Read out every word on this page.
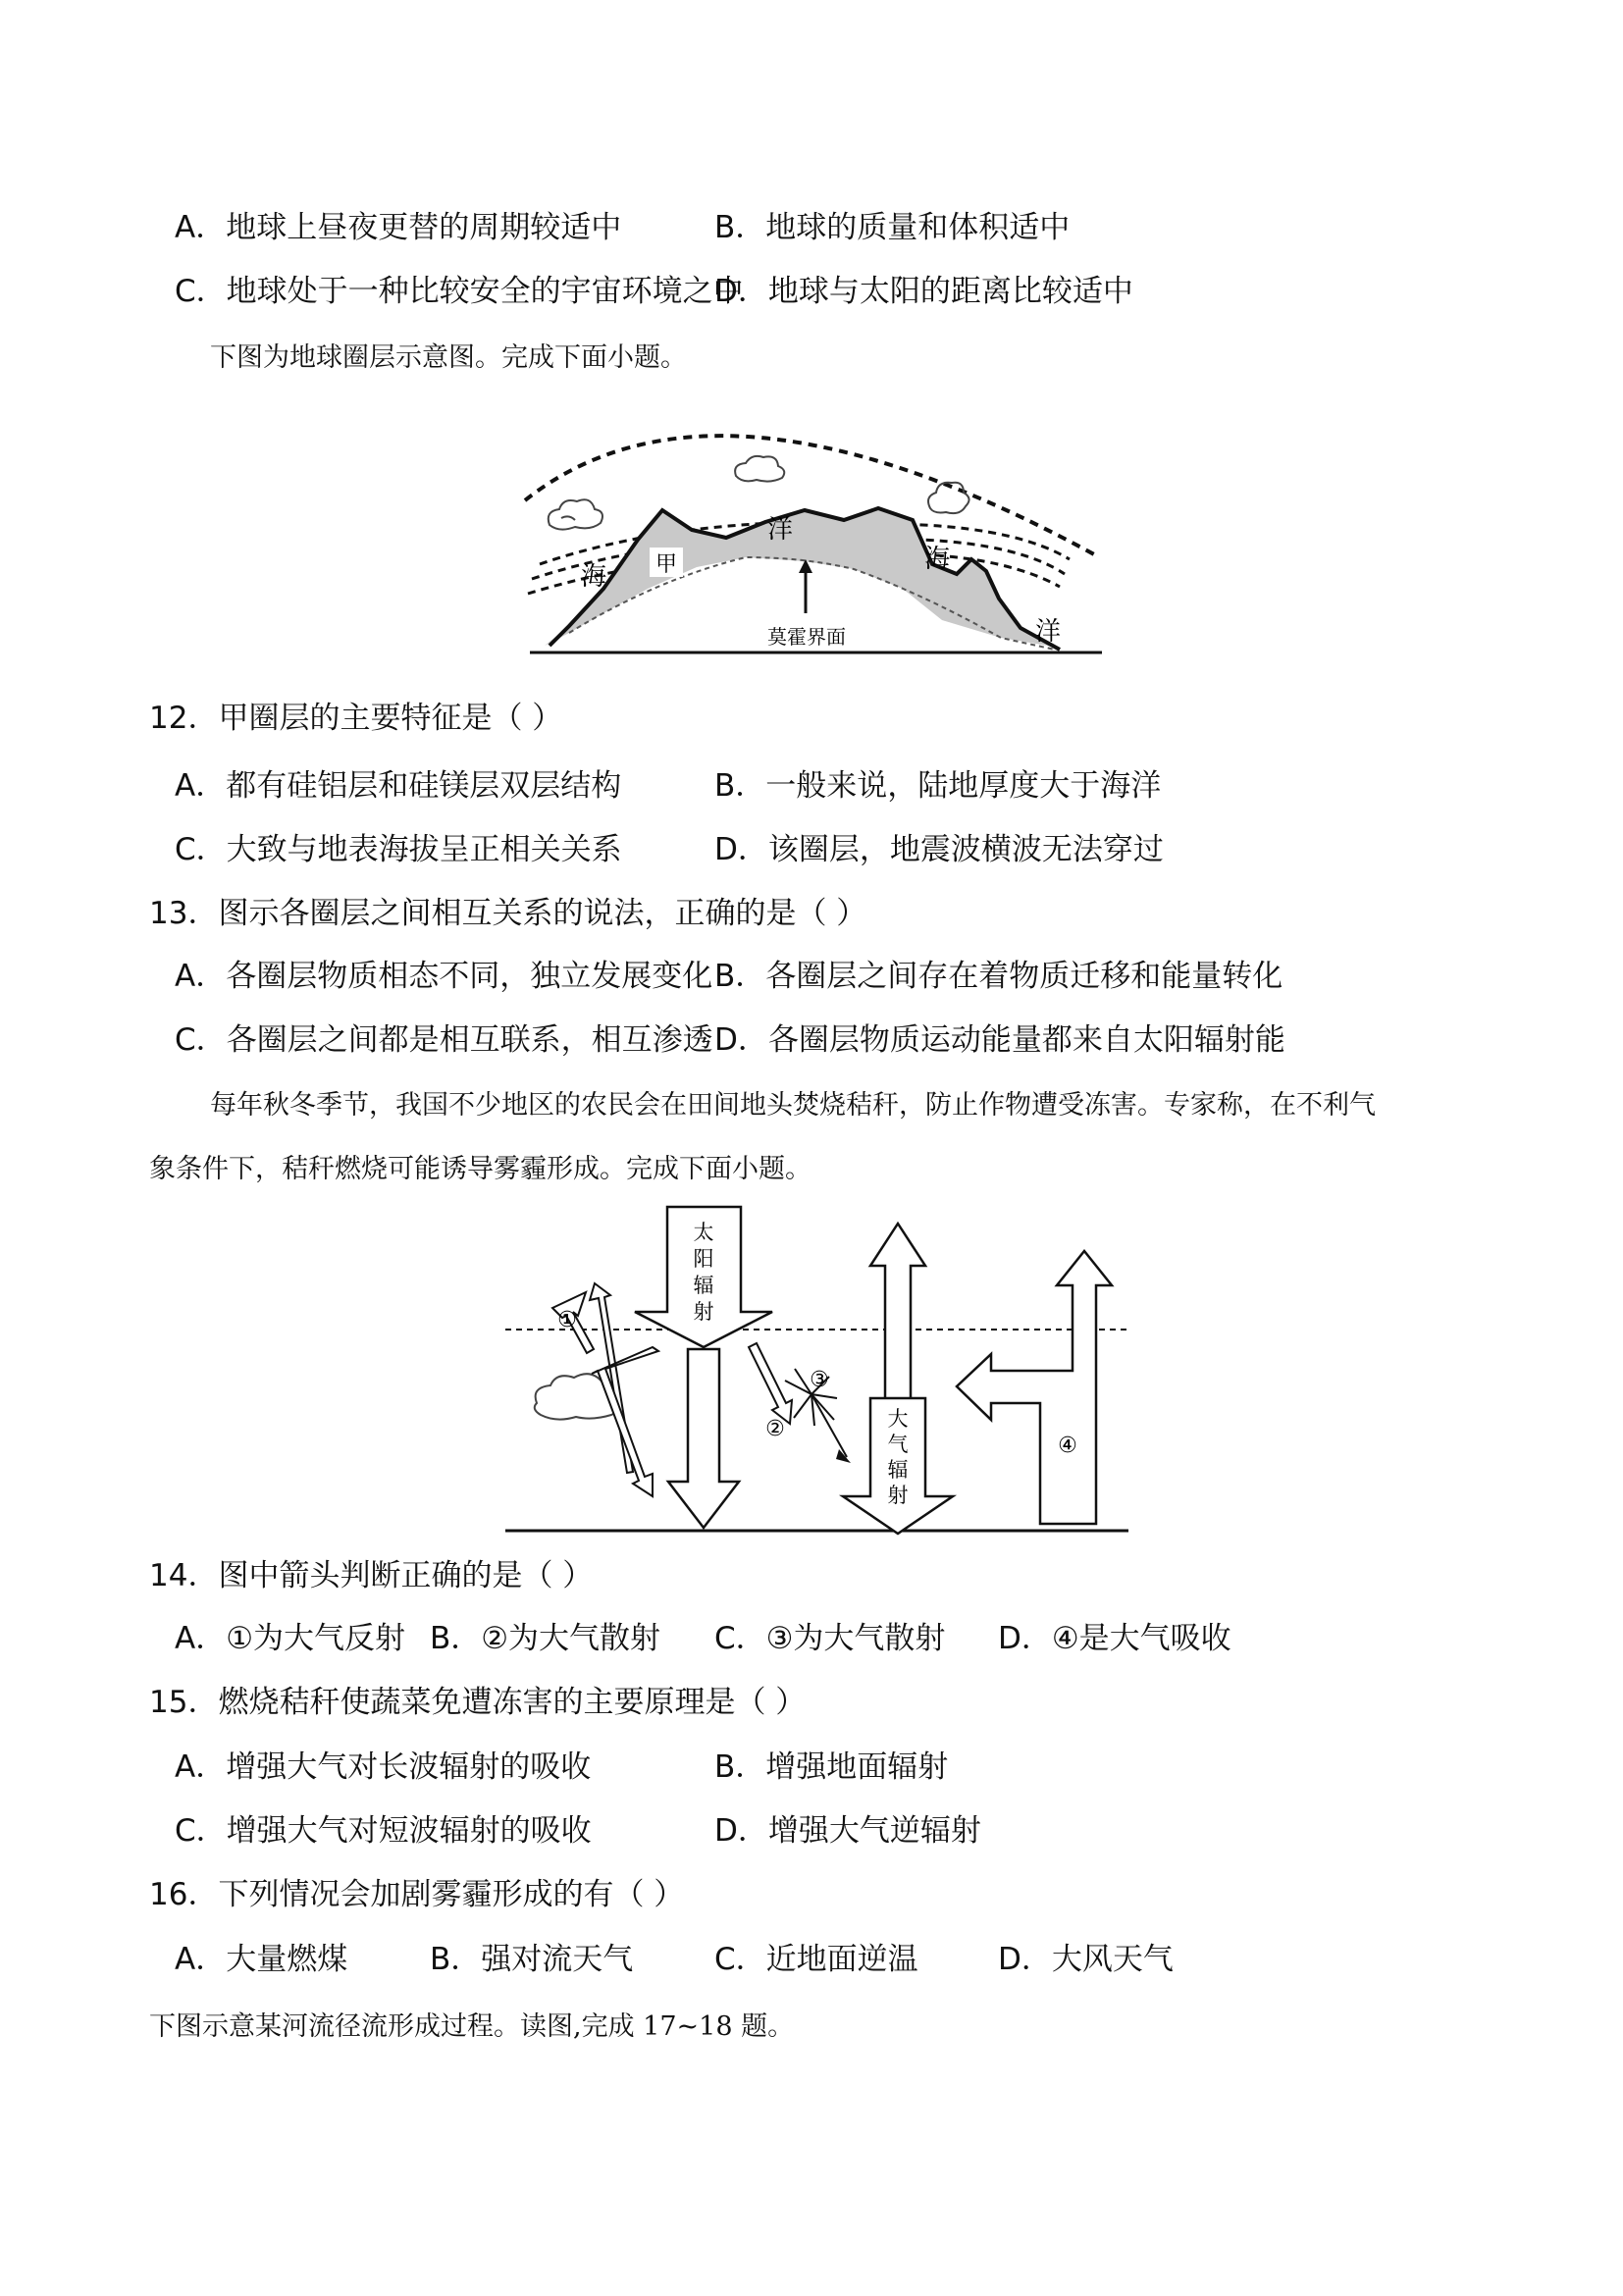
A．地球上昼夜更替的周期较适中	B．地球的质量和体积适中
C．地球处于一种比较安全的宇宙环境之中
D．地球与太阳的距离比较适中
下图为地球圈层示意图。完成下面小题。
甲
海
洋
海
洋
莫霍界面
12．甲圈层的主要特征是（ ）
A．都有硅铝层和硅镁层双层结构	B．一般来说，陆地厚度大于海洋
C．大致与地表海拔呈正相关关系	D．该圈层，地震波横波无法穿过
13．图示各圈层之间相互关系的说法，正确的是（ ）
A．各圈层物质相态不同，独立发展变化 B．各圈层之间存在着物质迁移和能量转化
C．各圈层之间都是相互联系，相互渗透 D．各圈层物质运动能量都来自太阳辐射能
每年秋冬季节，我国不少地区的农民会在田间地头焚烧秸秆，防止作物遭受冻害。专家称，在不利气
象条件下，秸秆燃烧可能诱导雾霾形成。完成下面小题。
太
阳
辐
射
大
气
辐
射
①
②
③
④
14．图中箭头判断正确的是（ ）
A．①为大气反射 B．②为大气散射 C．③为大气散射 D．④是大气吸收
15．燃烧秸秆使蔬菜免遭冻害的主要原理是（ ）
A．增强大气对长波辐射的吸收	B．增强地面辐射
C．增强大气对短波辐射的吸收	D．增强大气逆辐射
16．下列情况会加剧雾霾形成的有（ ）
A．大量燃煤	B．强对流天气	C．近地面逆温	D．大风天气
下图示意某河流径流形成过程。读图,完成 17~18 题。
